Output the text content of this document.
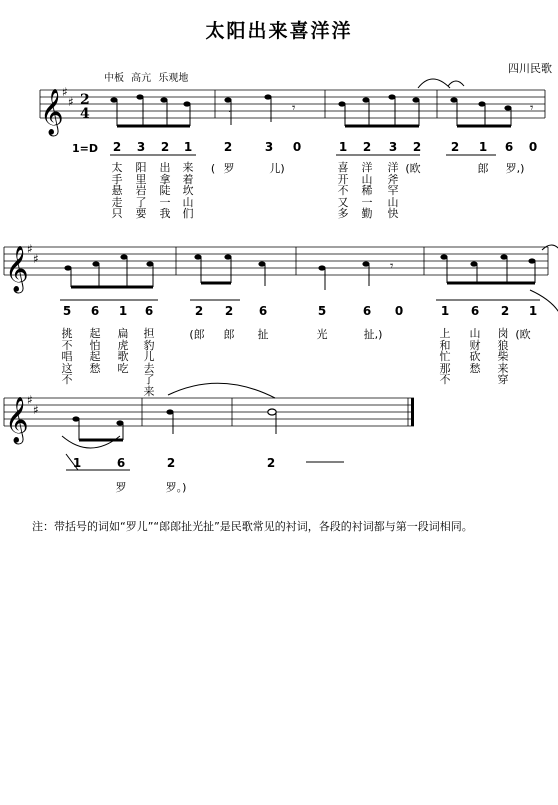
太阳出来喜洋洋
四川民歌
中板 高亢 乐观地
1=D
𝄞
𝄞
𝄞
♯
♯
♯
♯
♯
♯
2
4	𝄾	𝄾
.
𝄾
2 3 2 1	2	3 0	1 2 3 2 2 1 6 0
5 6 1 6	2 2 6	5	6 0	1 6 2 1
1	6	2	2
太
手
悬
走
只
阳
里
岩
了
要
出
拿
陡
一
我
来
着
坎
山
们
( 罗	儿)	喜
开
不
又
多
洋
山
稀
一
勤
洋
斧
罕
山
快
(欧	郎	罗,)
挑
不
唱
这
不
起
怕
起
愁
扁
虎
歌
吃
担
豹
儿
去
了
来
(郎	郎 扯	光	扯,)	上
和
忙
那
不
山
财
砍
愁
岗
狼
柴
来
穿
(欧
罗	罗。)
注：带括号的词如“罗儿”“郎郎扯光扯”是民歌常见的衬词，各段的衬词都与第一段词相同。
